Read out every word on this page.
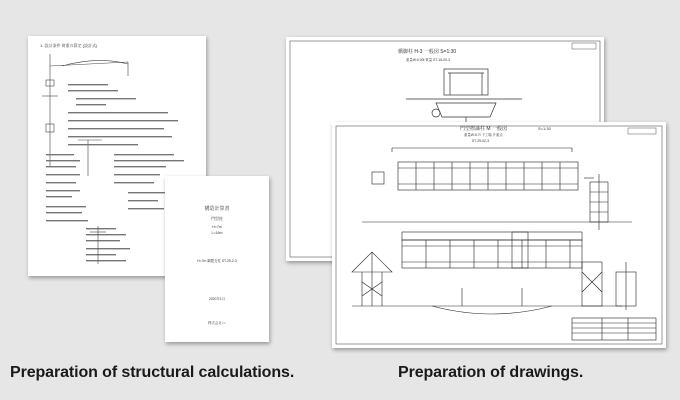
1. 設計条件 荷重の算定 (設計式)
構造計算書
門型柱
H=7m
L=16m
H=7m 鋼製支柱 ST-25-2-3
2020年1月
株式会社○○
橋脚柱 H-3 一般図 S=1:30
重量W:0.00t 質量 ST-15-00-3
門型標識柱 M 一般図	S=1:30
重量W:5.7t 下工場 片重点
ST-29-02-3
Preparation of structural calculations.	Preparation of drawings.
